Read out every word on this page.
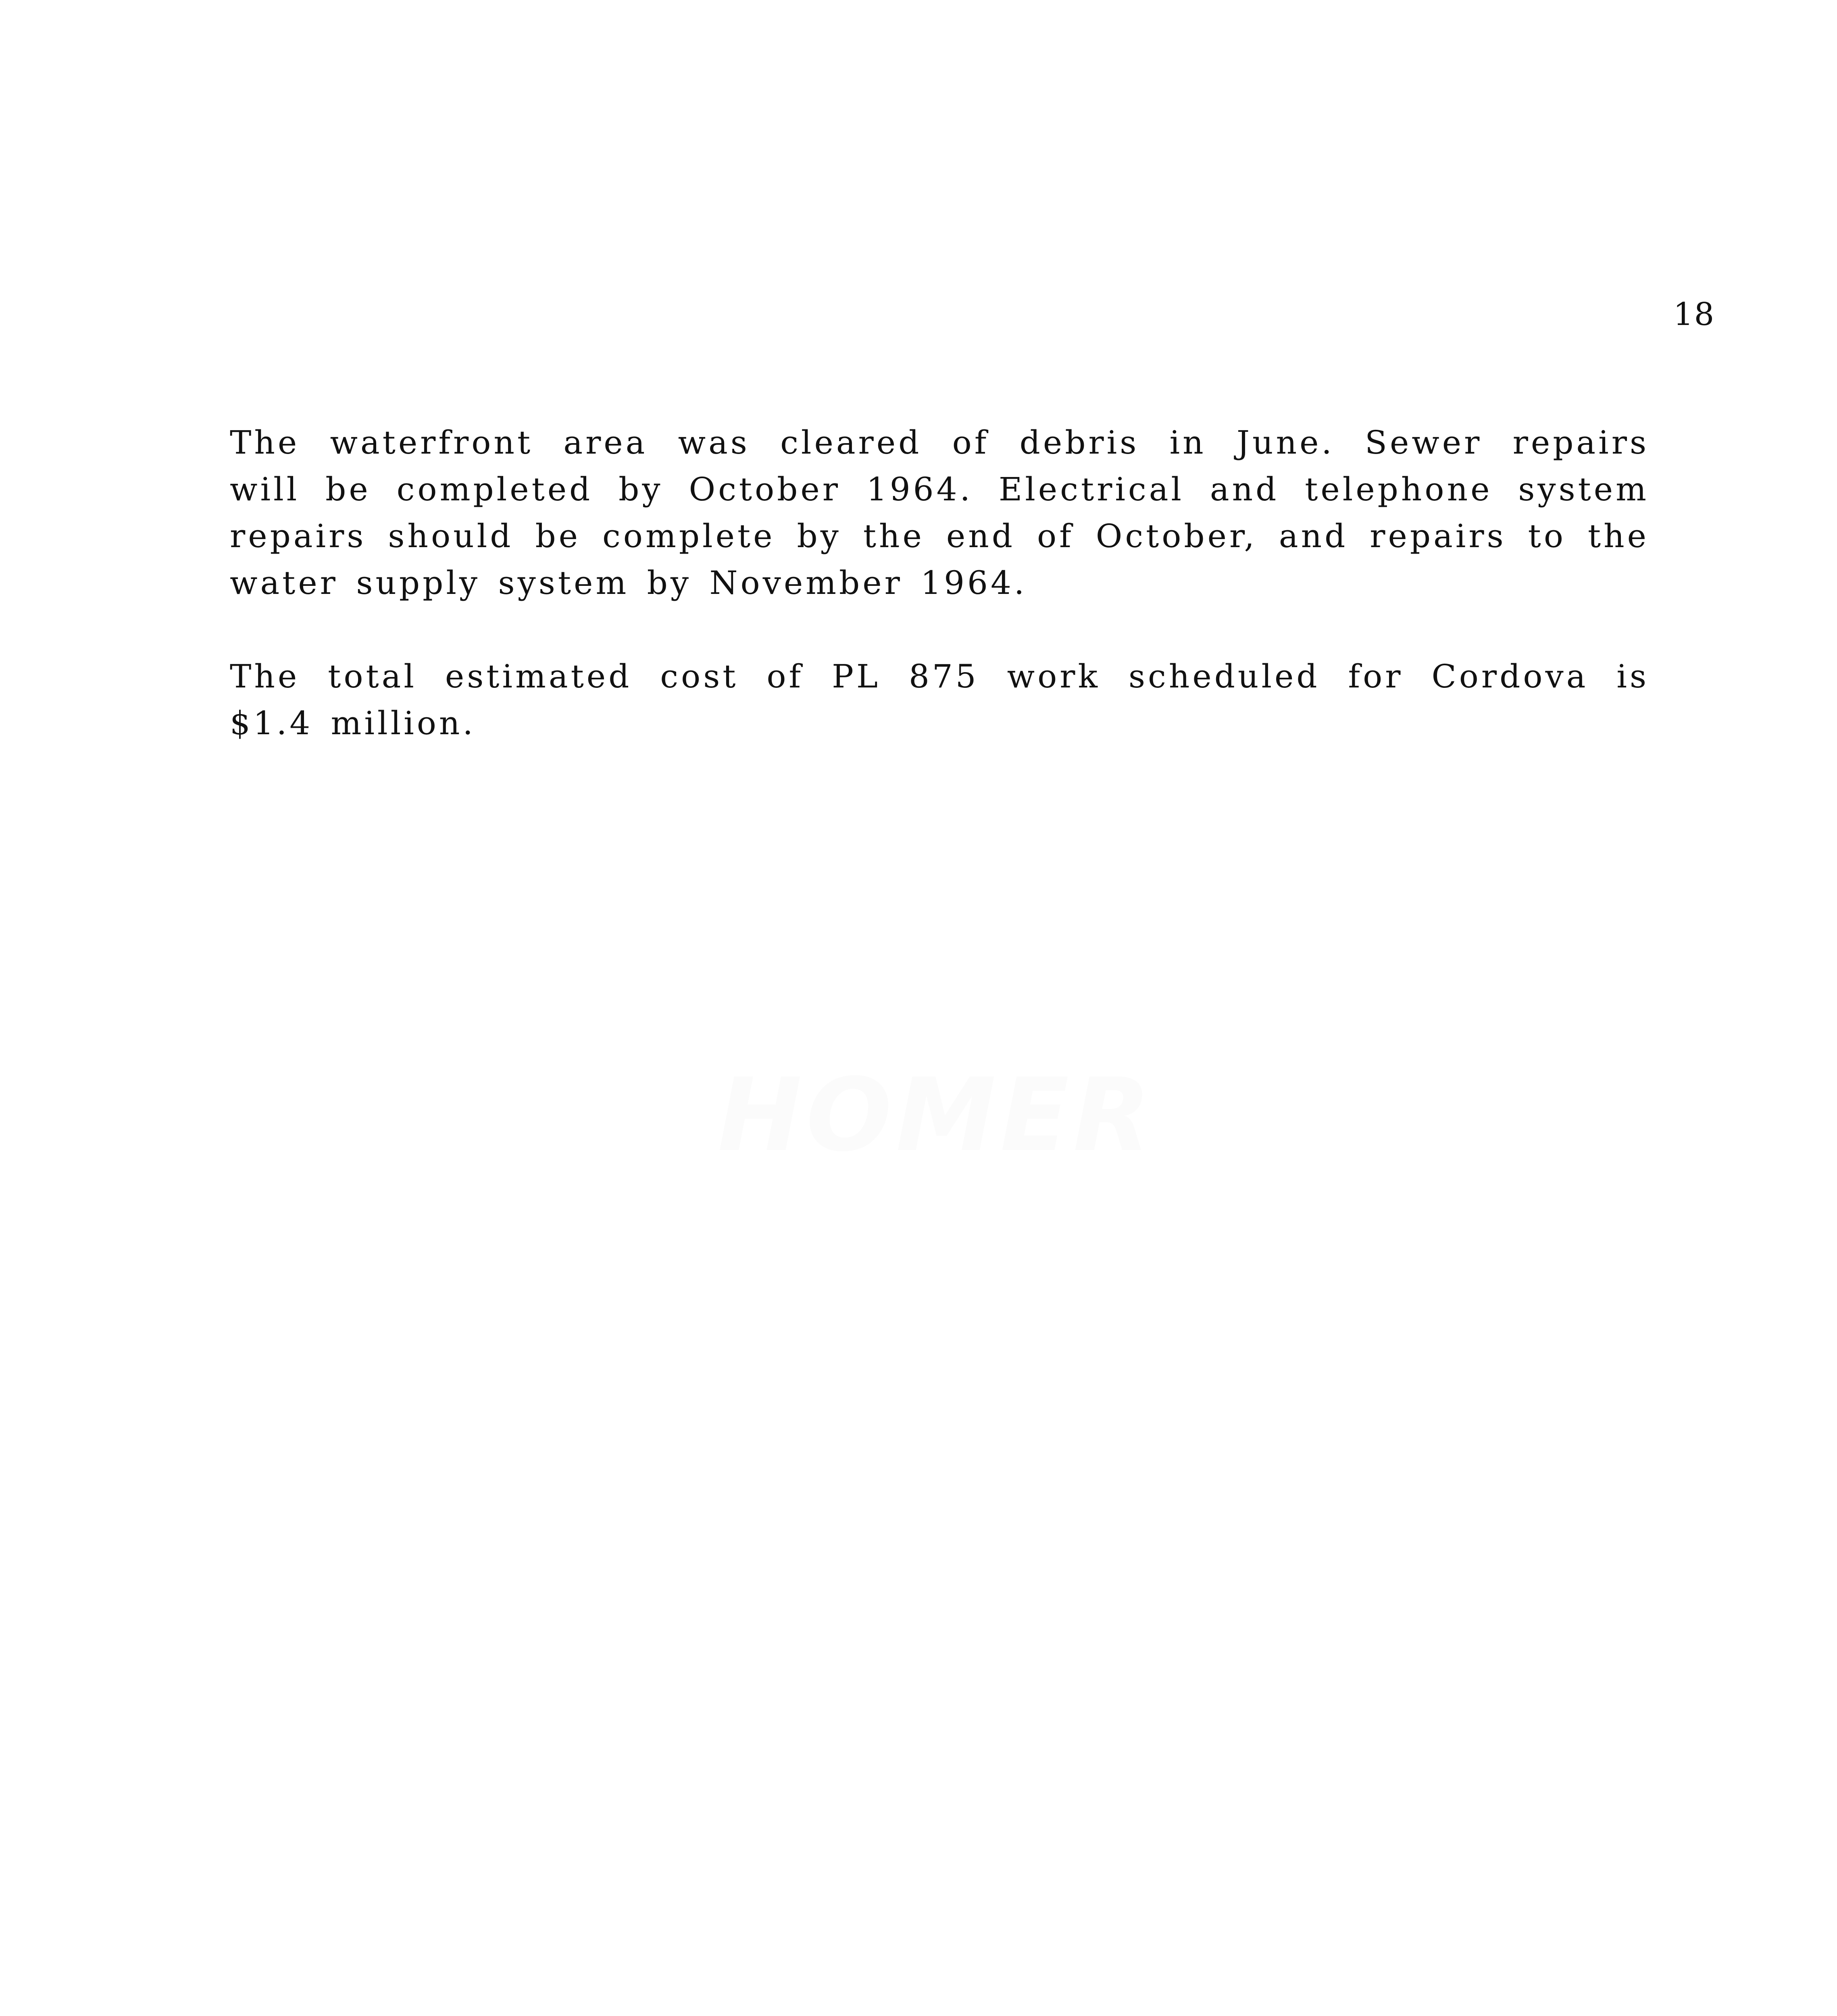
18
HOMER

The waterfront area was cleared of debris in June. Sewer repairs
will be completed by October 1964. Electrical and telephone system
repairs should be complete by the end of October, and repairs to the
water supply system by November 1964.

The total estimated cost of PL 875 work scheduled for Cordova is
$1.4 million.
